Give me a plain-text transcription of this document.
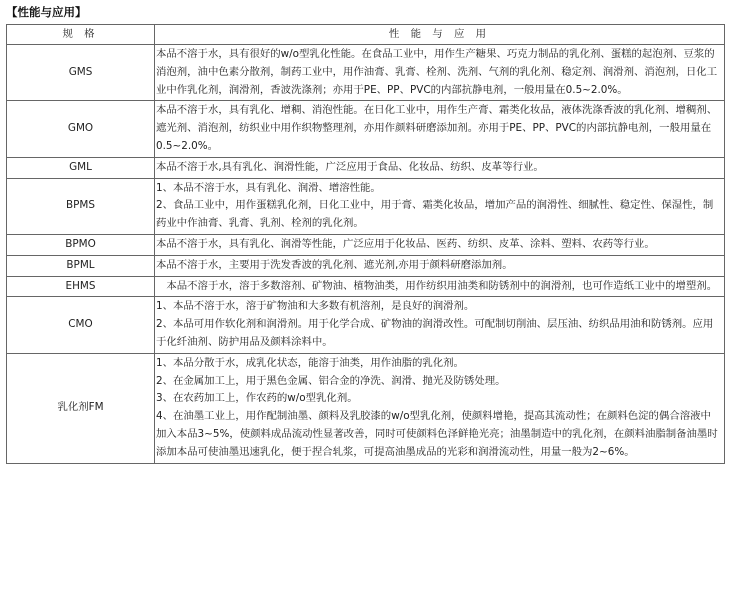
【性能与应用】
规 格	性 能 与 应 用
GMS	本品不溶于水，具有很好的w/o型乳化性能。在食品工业中，用作生产糖果、巧克力制品的乳化剂、蛋糕的起泡剂、豆浆的消泡剂，油中色素分散剂，制药工业中，用作油膏、乳膏、栓剂、洗剂、气剂的乳化剂、稳定剂、润滑剂、消泡剂，日化工业中作乳化剂，润滑剂，香波洗涤剂；亦用于PE、PP、PVC的内部抗静电剂，一般用量在0.5~2.0%。

GMO	本品不溶于水，具有乳化、增稠、消泡性能。在日化工业中，用作生产膏、霜类化妆品，液体洗涤香波的乳化剂、增稠剂、遮光剂、消泡剂，纺织业中用作织物整理剂，亦用作颜料研磨添加剂。亦用于PE、PP、PVC的内部抗静电剂，一般用量在0.5~2.0%。

GML	本品不溶于水,具有乳化、润滑性能，广泛应用于食品、化妆品、纺织、皮革等行业。

BPMS	1、本品不溶于水，具有乳化、润滑、增溶性能。
2、食品工业中，用作蛋糕乳化剂，日化工业中，用于膏、霜类化妆品，增加产品的润滑性、细腻性、稳定性、保湿性，制药业中作油膏、乳膏、乳剂、栓剂的乳化剂。

BPMO	本品不溶于水，具有乳化、润滑等性能，广泛应用于化妆品、医药、纺织、皮革、涂料、塑料、农药等行业。

BPML	本品不溶于水，主要用于洗发香波的乳化剂、遮光剂,亦用于颜料研磨添加剂。

EHMS	　本品不溶于水，溶于多数溶剂、矿物油、植物油类，用作纺织用油类和防锈剂中的润滑剂，也可作造纸工业中的增塑剂。

CMO	1、本品不溶于水，溶于矿物油和大多数有机溶剂，是良好的润滑剂。
2、本品可用作软化剂和润滑剂。用于化学合成、矿物油的润滑改性。可配制切削油、层压油、纺织品用油和防锈剂。应用于化纤油剂、防护用品及颜料涂料中。

乳化剂FM	1、本品分散于水，成乳化状态，能溶于油类，用作油脂的乳化剂。
2、在金属加工上，用于黑色金属、铝合金的净洗、润滑、抛光及防锈处理。
3、在农药加工上，作农药的w/o型乳化剂。
4、在油墨工业上，用作配制油墨、颜料及乳胶漆的w/o型乳化剂，使颜料增艳，提高其流动性；在颜料色淀的偶合溶液中加入本品3~5%，使颜料成品流动性显著改善，同时可使颜料色泽鲜艳光亮；油墨制造中的乳化剂，在颜料油脂制备油墨时添加本品可使油墨迅速乳化，便于捏合轧浆，可提高油墨成品的光彩和润滑流动性，用量一般为2~6%。
